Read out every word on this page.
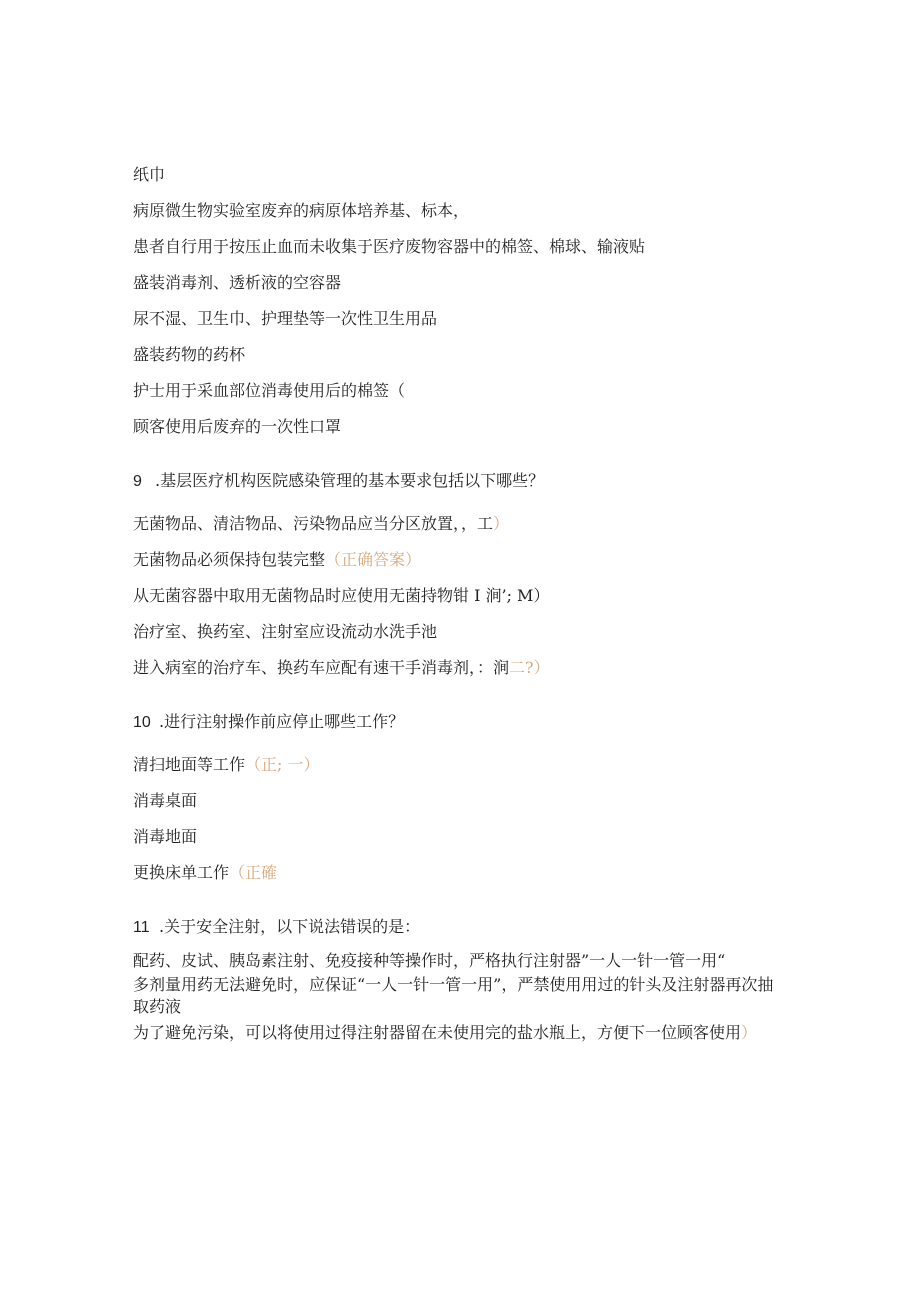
纸巾
病原微生物实验室废弃的病原体培养基、标本，
患者自行用于按压止血而未收集于医疗废物容器中的棉签、棉球、输液贴
盛装消毒剂、透析液的空容器
尿不湿、卫生巾、护理垫等一次性卫生用品
盛装药物的药杯
护士用于采血部位消毒使用后的棉签（
顾客使用后废弃的一次性口罩
9 .基层医疗机构医院感染管理的基本要求包括以下哪些？
无菌物品、清洁物品、污染物品应当分区放置，，工）
无菌物品必须保持包装完整（正确答案）
从无菌容器中取用无菌物品时应使用无菌持物钳 I 涧’; M）
治疗室、换药室、注射室应设流动水洗手池
进入病室的治疗车、换药车应配有速干手消毒剂，：涧二?）
10 .进行注射操作前应停止哪些工作？
清扫地面等工作（正; 一）
消毒桌面
消毒地面
更换床单工作（正確
11 .关于安全注射，以下说法错误的是：
配药、皮试、胰岛素注射、免疫接种等操作时，严格执行注射器”一人一针一管一用“
多剂量用药无法避免时，应保证“一人一针一管一用”，严禁使用用过的针头及注射器再次抽取药液
为了避免污染，可以将使用过得注射器留在未使用完的盐水瓶上，方便下一位顾客使用）
